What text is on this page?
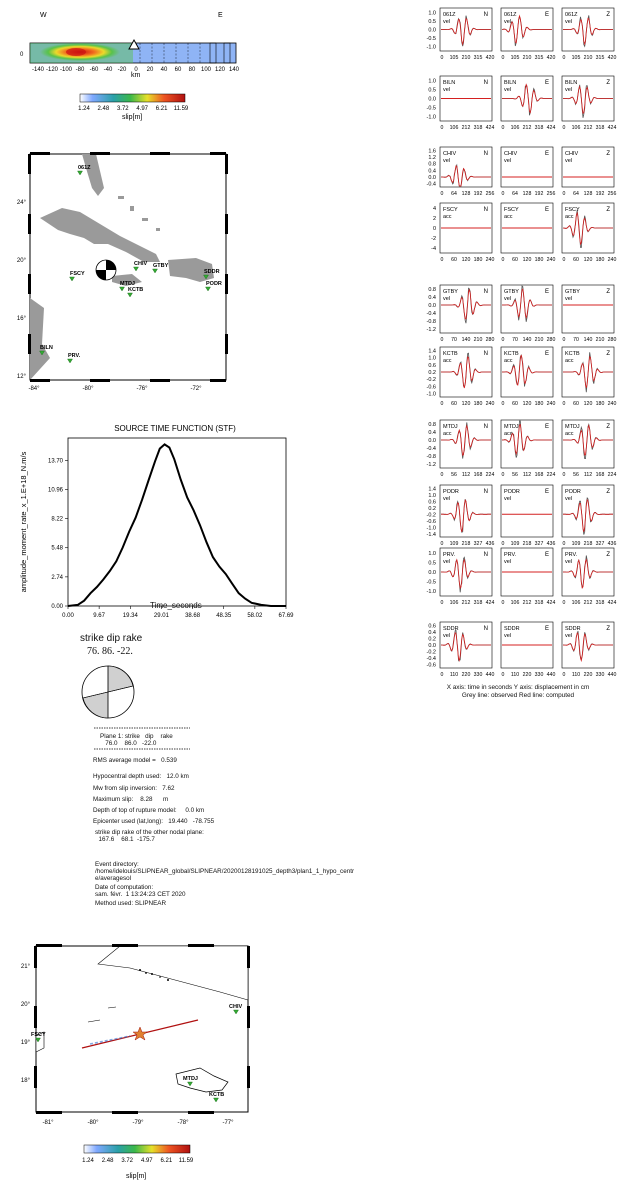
W	E
0
-140 -120 -100 -80 -60 -40 -20 0 20 40 60 80 100 120 140
km
1.24 2.48 3.72 4.97 6.21 11.59
slip[m]
061Z
FSCY
CHIV GTBY
SDDR
PODR
MTDJ
KCTB
BILN
PRV.
24°
20°
16°
12°
-84°	-80°	-76°	-72°
SOURCE TIME FUNCTION (STF)
amplitude_moment_rate_x_1.E+18_N.m/s
0.00
2.74
5.48
8.22
10.96
13.70
0.00	9.67	19.34	29.01	38.68	48.35	58.02	67.69
Time_seconds
strike dip rake
76. 86. -22.
Plane 1: strike   dip    rake
76.0    86.0   -22.0
RMS average model =   0.539
Hypocentral depth used:   12.0 km
Mw from slip inversion:   7.62
Maximum slip:    8.28      m
Depth of top of rupture model:     0.0 km
Epicenter used (lat,long):   19.440   -78.755
strike dip rake of the other nodal plane:
167.6    68.1  -175.7
Event directory:
/home/idelouis/SLIPNEAR_global/SLIPNEAR/20200128191025_depth3/plan1_1_hypo_centr
e/averagesol
Date of computation:
sam. févr.  1 13:24:23 CET 2020
Method used: SLIPNEAR
CHIV
FSCY
MTDJ
KCTB
21°
20°
19°
18°
-81°	-80°	-79°	-78°	-77°
1.24 2.48 3.72 4.97 6.21 11.59
slip[m]
1.0
0.5
0.0
-0.5
-1.0
061Z
vel
N
0 105 210 315 420
061Z
vel
E
0 105 210 315 420
061Z
vel
Z
0 105 210 315 420
1.0
0.5
0.0
-0.5
-1.0
BILN
vel
N
0 106 212 318 424
BILN
vel
E
0 106 212 318 424
BILN
vel
Z
0 106 212 318 424
1.6
1.2
0.8
0.4
0.0
-0.4
CHIV
vel
N
0 64 128 192 256
CHIV
vel
E
0 64 128 192 256
CHIV
vel
Z
0 64 128 192 256
4
2
0
-2
-4
FSCY
acc
N
0 60 120 180 240
FSCY
acc
E
0 60 120 180 240
FSCY
acc
Z
0 60 120 180 240
0.8
0.4
0.0
-0.4
-0.8
-1.2
GTBY
vel
N
0 70 140 210 280
GTBY
vel
E
0 70 140 210 280
GTBY
vel
Z
0 70 140 210 280
1.4
1.0
0.6
0.2
-0.2
-0.6
-1.0
KCTB
acc
N
0 60 120 180 240
KCTB
acc
E
0 60 120 180 240
KCTB
acc
Z
0 60 120 180 240
0.8
0.4
0.0
-0.4
-0.8
-1.2
MTDJ
acc
N
0 56 112 168 224
MTDJ
acc
E
0 56 112 168 224
MTDJ
acc
Z
0 56 112 168 224
1.4
1.0
0.6
0.2
-0.2
-0.6
-1.0
-1.4
PODR
vel
N
0 109 218 327 436
PODR
vel
E
0 109 218 327 436
PODR
vel
Z
0 109 218 327 436
1.0
0.5
0.0
-0.5
-1.0
PRV.
vel
N
0 106 212 318 424
PRV.
vel
E
0 106 212 318 424
PRV.
vel
Z
0 106 212 318 424
0.6
0.4
0.2
0.0
-0.2
-0.4
-0.6
SDDR
vel
N
0 110 220 330 440
SDDR
vel
E
0 110 220 330 440
SDDR
vel
Z
0 110 220 330 440
X axis: time in seconds Y axis: displacement in cm
Grey line: observed Red line: computed
